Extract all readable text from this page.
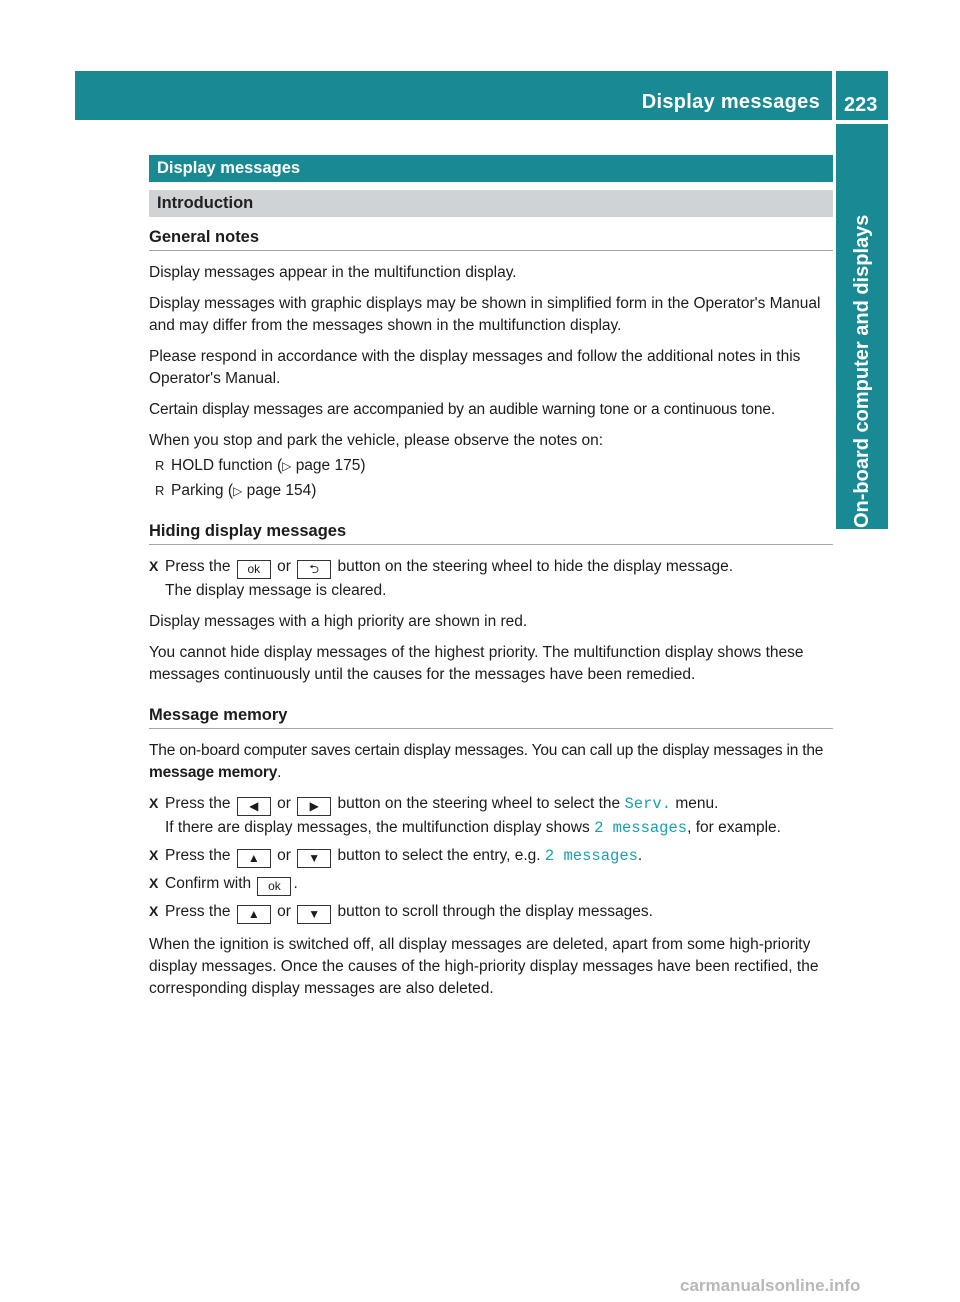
Display messages 223
On-board computer and displays
Display messages
Introduction
General notes

Display messages appear in the multifunction display.

Display messages with graphic displays may be shown in simplified form in the Operator's Manual and may differ from the messages shown in the multifunction display.

Please respond in accordance with the display messages and follow the additional notes in this Operator's Manual.

Certain display messages are accompanied by an audible warning tone or a continuous tone.

When you stop and park the vehicle, please observe the notes on:

R HOLD function (▷ page 175)
R Parking (▷ page 154)
Hiding display messages
X Press the ok or ⮌ button on the steering wheel to hide the display message.
The display message is cleared.

Display messages with a high priority are shown in red.

You cannot hide display messages of the highest priority. The multifunction display shows these messages continuously until the causes for the messages have been remedied.

Message memory

The on-board computer saves certain display messages. You can call up the display messages in the message memory.

X Press the ◀ or ▶ button on the steering wheel to select the Serv. menu.
If there are display messages, the multifunction display shows 2 messages, for example.
X Press the ▲ or ▼ button to select the entry, e.g. 2 messages.
X Confirm with ok .
X Press the ▲ or ▼ button to scroll through the display messages.

When the ignition is switched off, all display messages are deleted, apart from some high-priority display messages. Once the causes of the high-priority display messages have been rectified, the corresponding display messages are also deleted.

carmanualsonline.info
